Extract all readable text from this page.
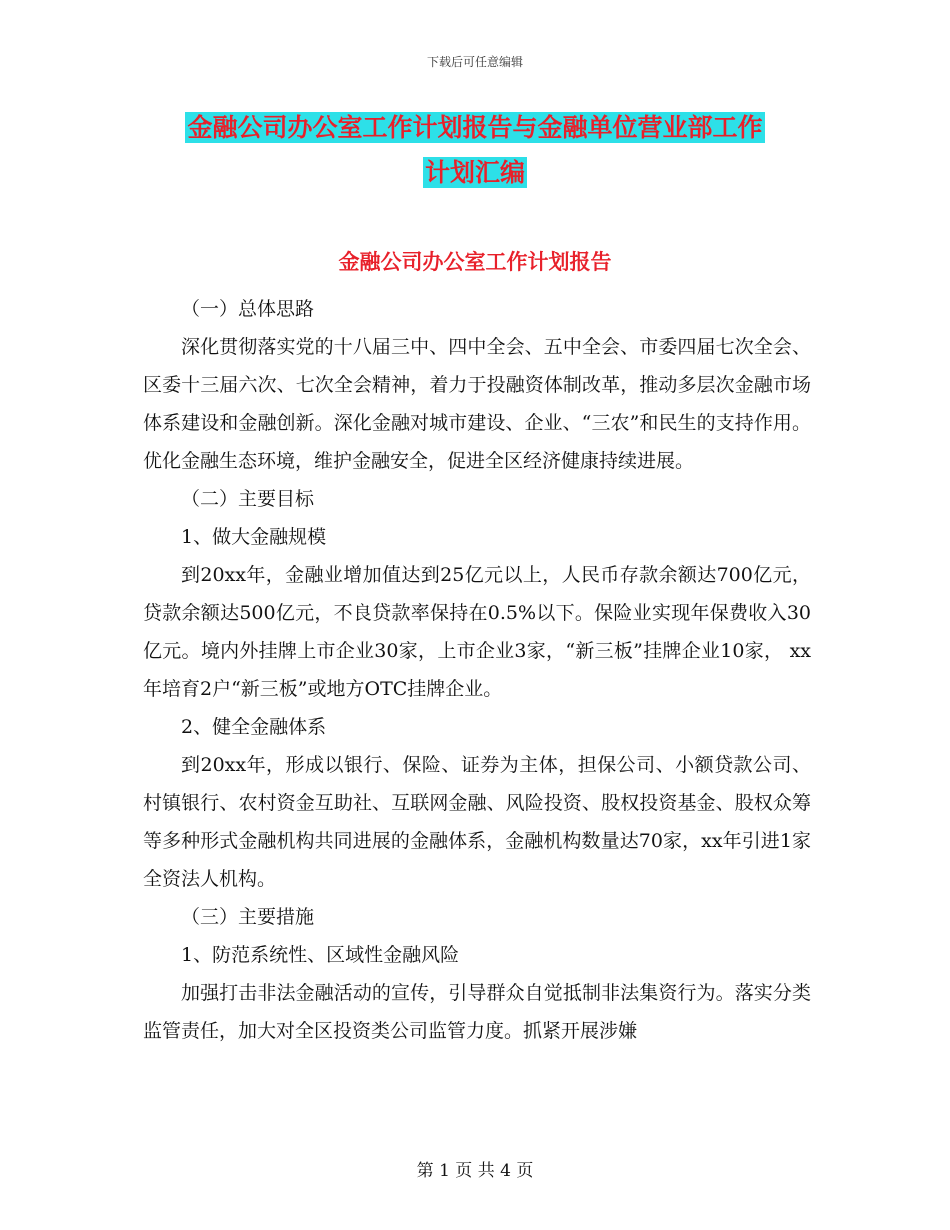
下载后可任意编辑
金融公司办公室工作计划报告与金融单位营业部工作
计划汇编
金融公司办公室工作计划报告

（一）总体思路

深化贯彻落实党的十八届三中、四中全会、五中全会、市委四届七次全会、区委十三届六次、七次全会精神，着力于投融资体制改革，推动多层次金融市场体系建设和金融创新。深化金融对城市建设、企业、“三农”和民生的支持作用。优化金融生态环境，维护金融安全，促进全区经济健康持续进展。

（二）主要目标

1、做大金融规模

到20xx年，金融业增加值达到25亿元以上，人民币存款余额达700亿元，贷款余额达500亿元，不良贷款率保持在0.5%以下。保险业实现年保费收入30亿元。境内外挂牌上市企业30家，上市企业3家，“新三板”挂牌企业10家， xx年培育2户“新三板”或地方OTC挂牌企业。

2、健全金融体系

到20xx年，形成以银行、保险、证券为主体，担保公司、小额贷款公司、村镇银行、农村资金互助社、互联网金融、风险投资、股权投资基金、股权众筹等多种形式金融机构共同进展的金融体系，金融机构数量达70家，xx年引进1家全资法人机构。

（三）主要措施

1、防范系统性、区域性金融风险

加强打击非法金融活动的宣传，引导群众自觉抵制非法集资行为。落实分类监管责任，加大对全区投资类公司监管力度。抓紧开展涉嫌

第 1 页 共 4 页
